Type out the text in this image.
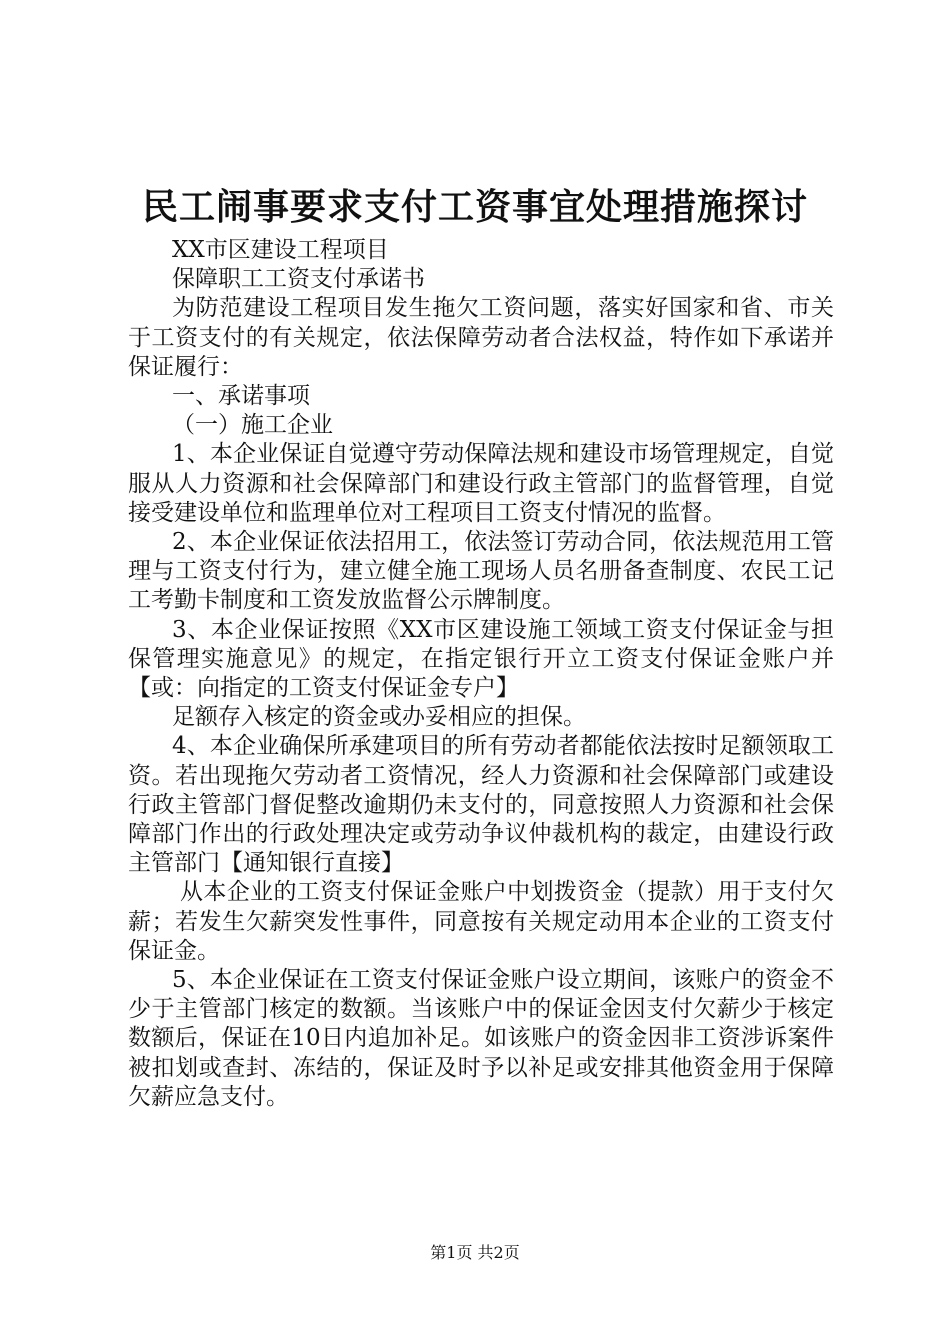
民工闹事要求支付工资事宜处理措施探讨

XX市区建设工程项目

保障职工工资支付承诺书

为防范建设工程项目发生拖欠工资问题，落实好国家和省、市关于工资支付的有关规定，依法保障劳动者合法权益，特作如下承诺并保证履行：

一、承诺事项

（一）施工企业

1、本企业保证自觉遵守劳动保障法规和建设市场管理规定，自觉服从人力资源和社会保障部门和建设行政主管部门的监督管理，自觉接受建设单位和监理单位对工程项目工资支付情况的监督。

2、本企业保证依法招用工，依法签订劳动合同，依法规范用工管理与工资支付行为，建立健全施工现场人员名册备查制度、农民工记工考勤卡制度和工资发放监督公示牌制度。

3、本企业保证按照《XX市区建设施工领域工资支付保证金与担保管理实施意见》的规定，在指定银行开立工资支付保证金账户并【或：向指定的工资支付保证金专户】

足额存入核定的资金或办妥相应的担保。

4、本企业确保所承建项目的所有劳动者都能依法按时足额领取工资。若出现拖欠劳动者工资情况，经人力资源和社会保障部门或建设行政主管部门督促整改逾期仍未支付的，同意按照人力资源和社会保障部门作出的行政处理决定或劳动争议仲裁机构的裁定，由建设行政主管部门【通知银行直接】

从本企业的工资支付保证金账户中划拨资金（提款）用于支付欠薪；若发生欠薪突发性事件，同意按有关规定动用本企业的工资支付保证金。

5、本企业保证在工资支付保证金账户设立期间，该账户的资金不少于主管部门核定的数额。当该账户中的保证金因支付欠薪少于核定数额后，保证在10日内追加补足。如该账户的资金因非工资涉诉案件被扣划或查封、冻结的，保证及时予以补足或安排其他资金用于保障欠薪应急支付。

第1页 共2页
